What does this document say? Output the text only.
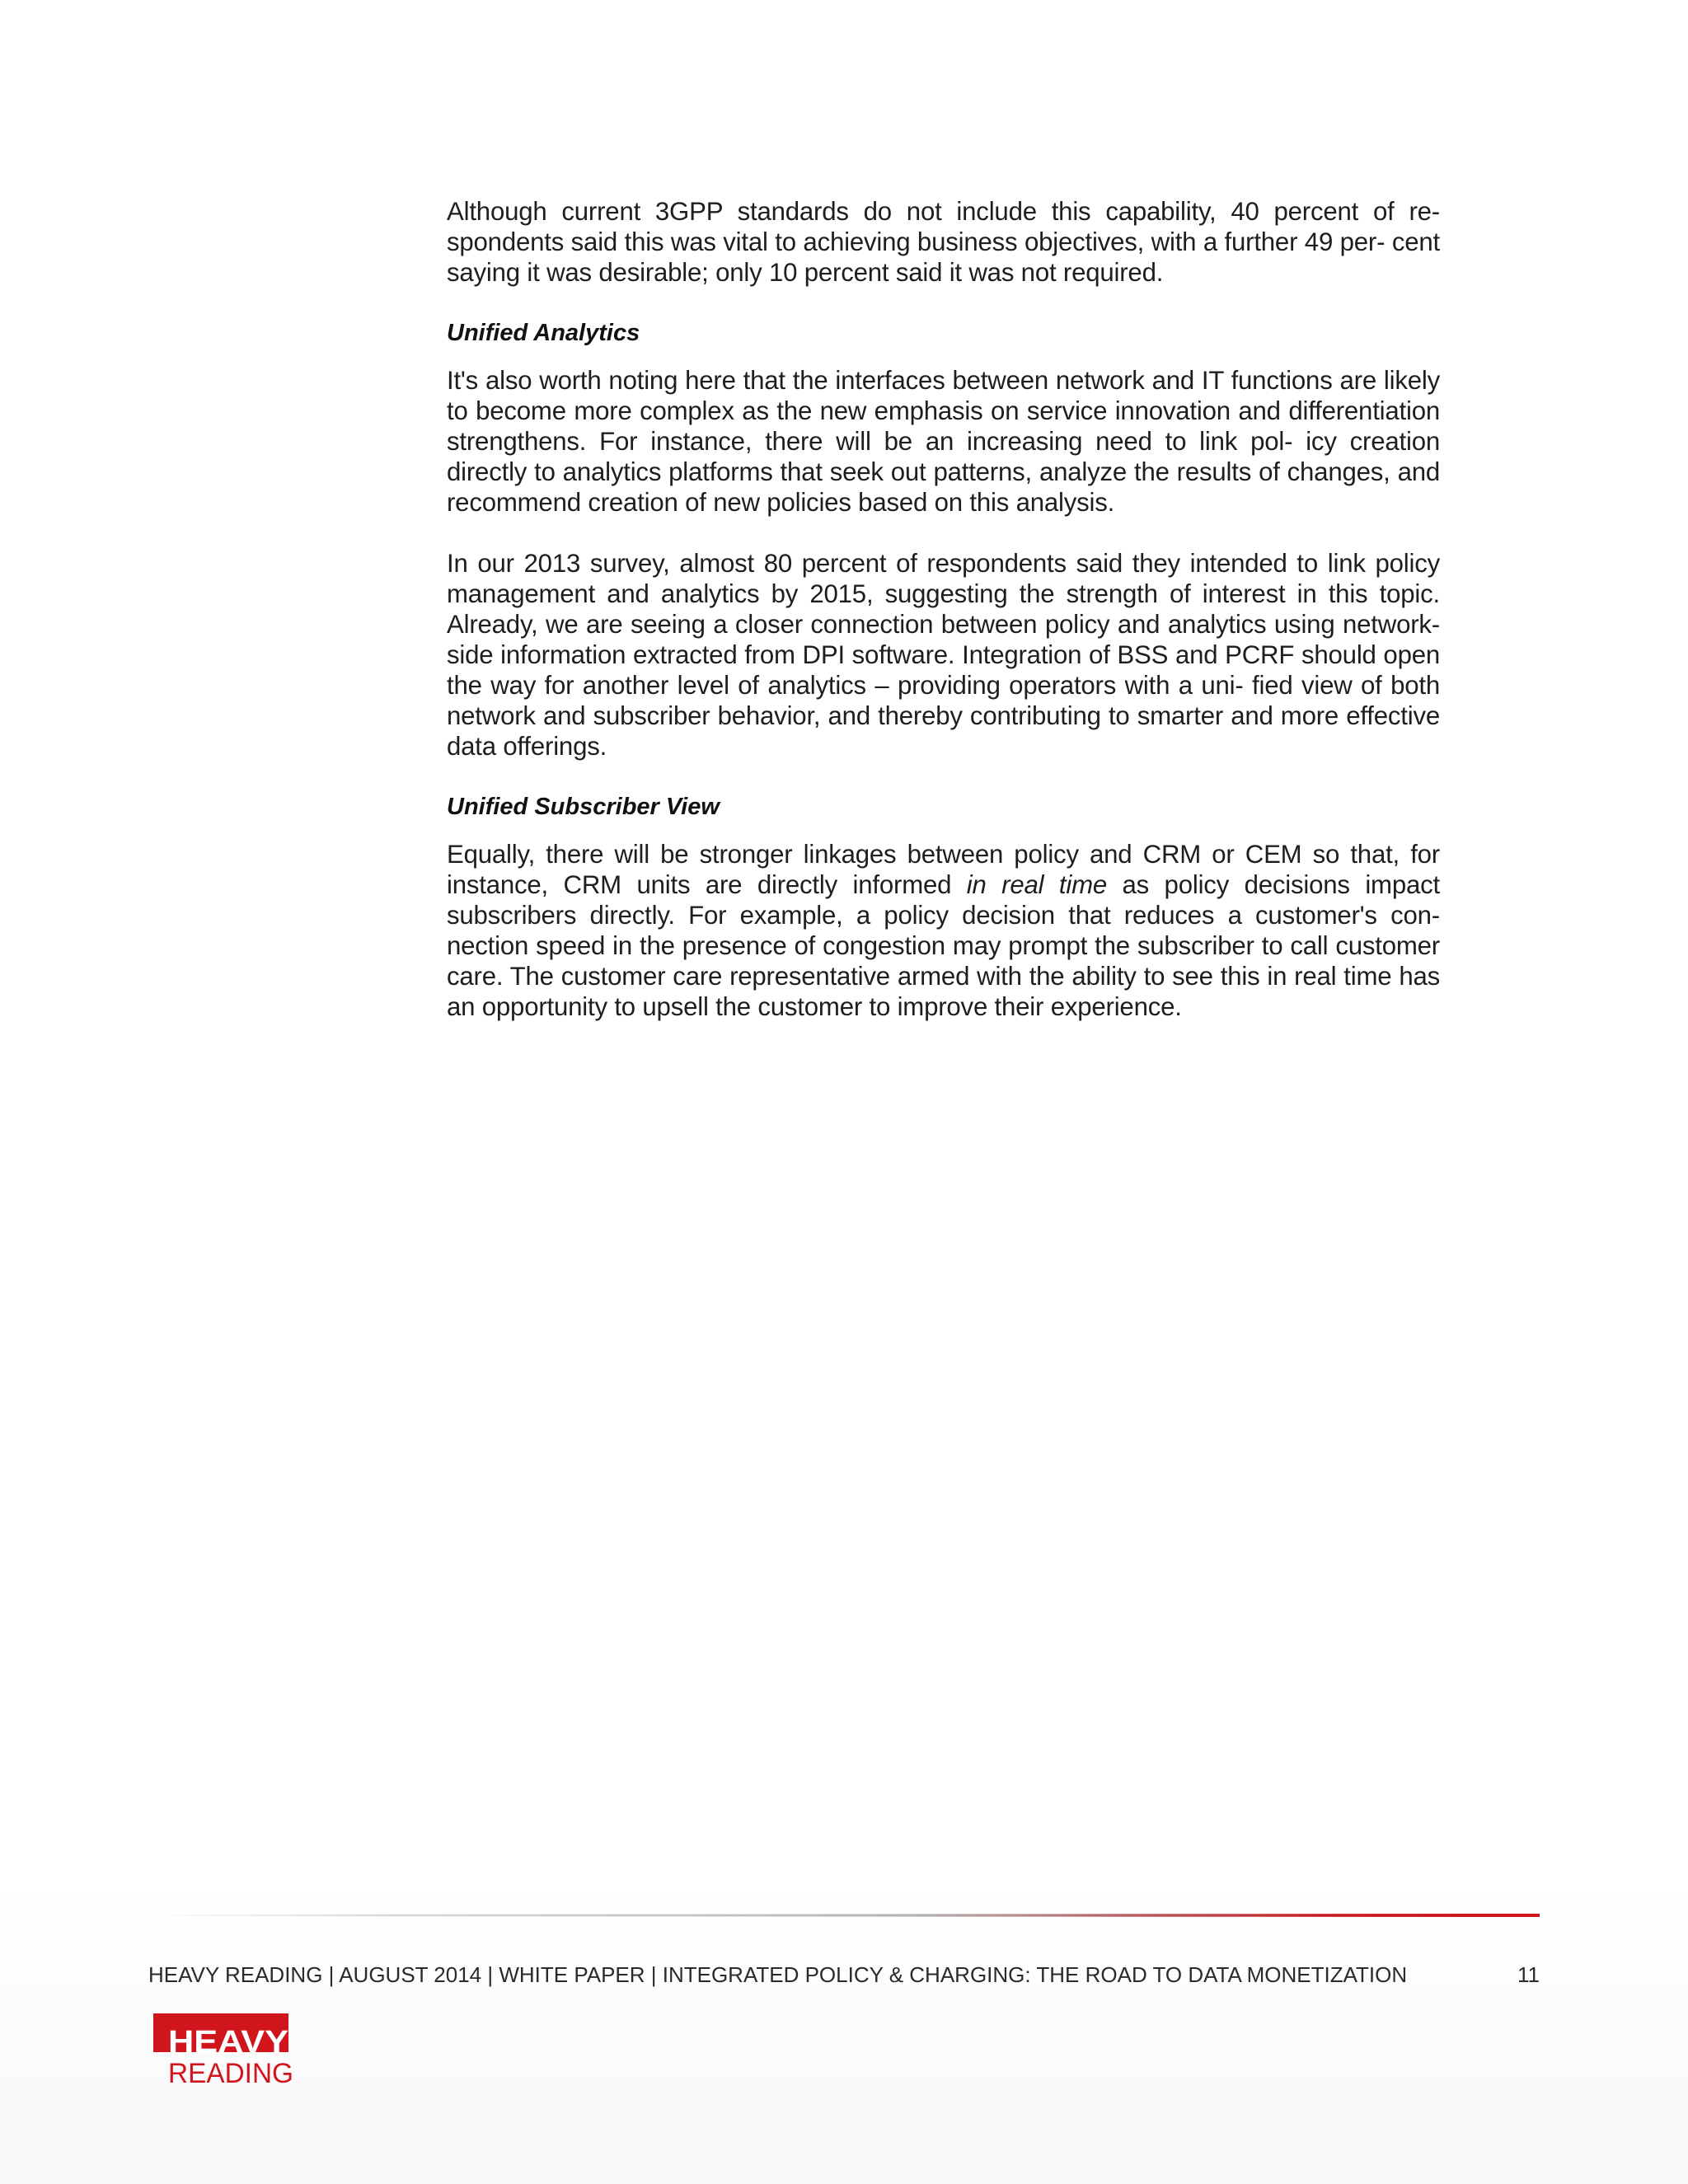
Although current 3GPP standards do not include this capability, 40 percent of re- spondents said this was vital to achieving business objectives, with a further 49 per- cent saying it was desirable; only 10 percent said it was not required.

Unified Analytics

It's also worth noting here that the interfaces between network and IT functions are likely to become more complex as the new emphasis on service innovation and differentiation strengthens. For instance, there will be an increasing need to link pol- icy creation directly to analytics platforms that seek out patterns, analyze the results of changes, and recommend creation of new policies based on this analysis.

In our 2013 survey, almost 80 percent of respondents said they intended to link policy management and analytics by 2015, suggesting the strength of interest in this topic. Already, we are seeing a closer connection between policy and analytics using network-side information extracted from DPI software. Integration of BSS and PCRF should open the way for another level of analytics – providing operators with a uni- fied view of both network and subscriber behavior, and thereby contributing to smarter and more effective data offerings.

Unified Subscriber View

Equally, there will be stronger linkages between policy and CRM or CEM so that, for instance, CRM units are directly informed in real time as policy decisions impact subscribers directly. For example, a policy decision that reduces a customer's con- nection speed in the presence of congestion may prompt the subscriber to call customer care. The customer care representative armed with the ability to see this in real time has an opportunity to upsell the customer to improve their experience.

HEAVY READING | AUGUST 2014 | WHITE PAPER | INTEGRATED POLICY & CHARGING: THE ROAD TO DATA MONETIZATION	11
HEAVY
READING
